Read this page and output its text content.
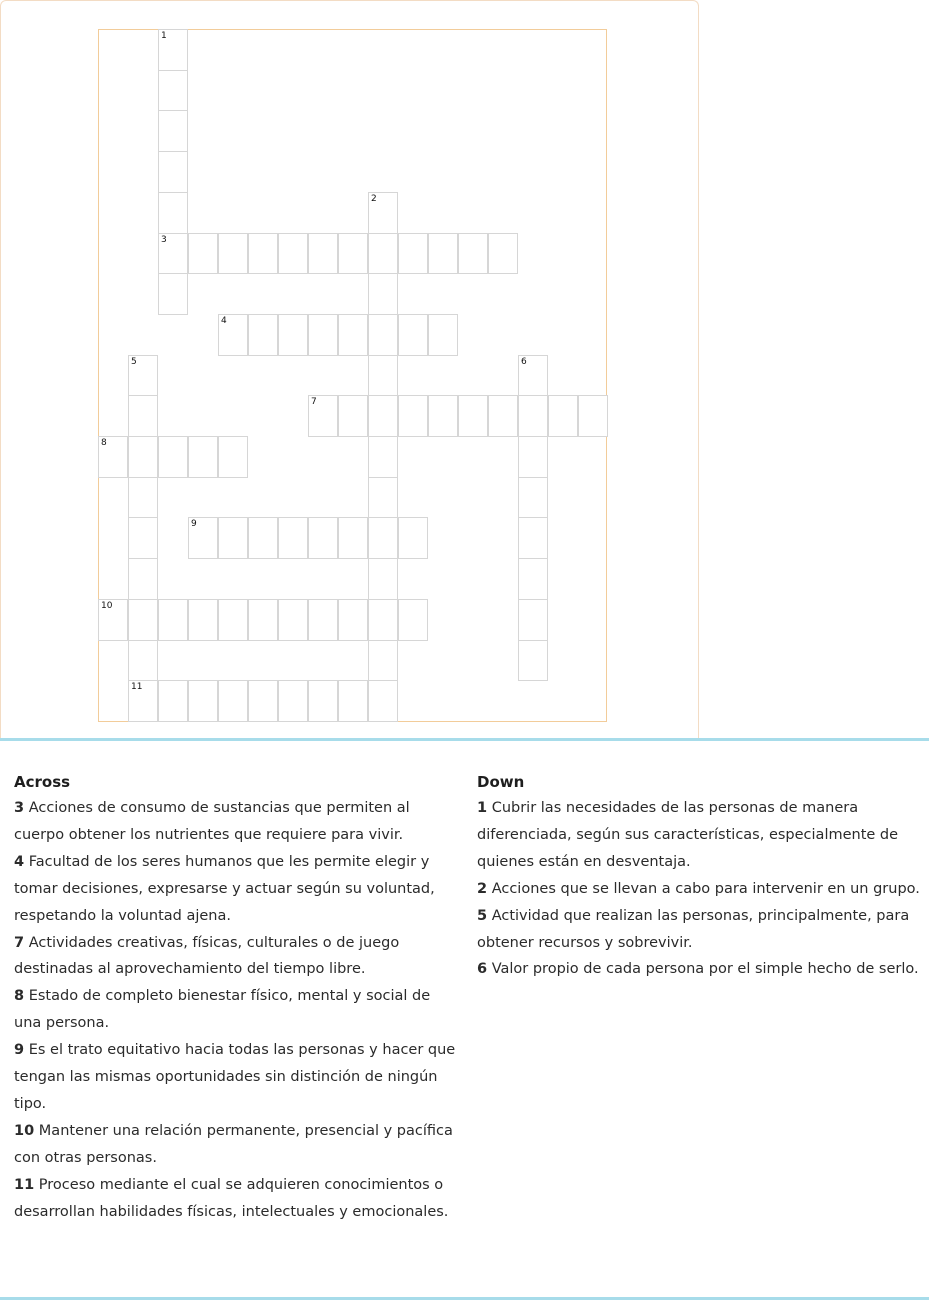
1
3
2
4
5	6
7
8
9
10
11
Across

3 Acciones de consumo de sustancias que permiten al cuerpo obtener los nutrientes que requiere para vivir.

4 Facultad de los seres humanos que les permite elegir y tomar decisiones, expresarse y actuar según su voluntad, respetando la voluntad ajena.

7 Actividades creativas, físicas, culturales o de juego destinadas al aprovechamiento del tiempo libre.

8 Estado de completo bienestar físico, mental y social de una persona.

9 Es el trato equitativo hacia todas las personas y hacer que tengan las mismas oportunidades sin distinción de ningún tipo.

10 Mantener una relación permanente, presencial y pacífica con otras personas.

11 Proceso mediante el cual se adquieren conocimientos o desarrollan habilidades físicas, intelectuales y emocionales.

Down

1 Cubrir las necesidades de las personas de manera diferenciada, según sus características, especialmente de quienes están en desventaja.

2 Acciones que se llevan a cabo para intervenir en un grupo.

5 Actividad que realizan las personas, principalmente, para obtener recursos y sobrevivir.

6 Valor propio de cada persona por el simple hecho de serlo.
